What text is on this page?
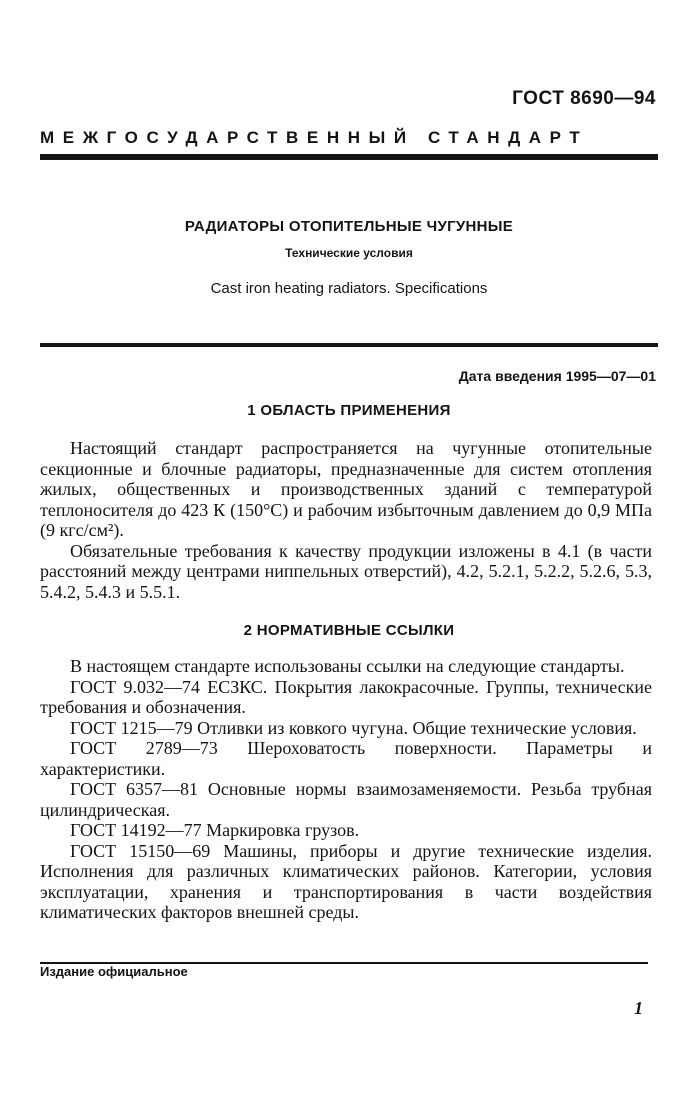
ГОСТ 8690—94
МЕЖГОСУДАРСТВЕННЫЙ СТАНДАРТ
РАДИАТОРЫ ОТОПИТЕЛЬНЫЕ ЧУГУННЫЕ
Технические условия
Cast iron heating radiators. Specifications
Дата введения 1995—07—01
1 ОБЛАСТЬ ПРИМЕНЕНИЯ

Настоящий стандарт распространяется на чугунные отопительные секционные и блочные радиаторы, предназначенные для систем отопления жилых, общественных и производственных зданий с температурой теплоносителя до 423 К (150°С) и рабочим избыточным давлением до 0,9 МПа (9 кгс/см²).

Обязательные требования к качеству продукции изложены в 4.1 (в части расстояний между центрами ниппельных отверстий), 4.2, 5.2.1, 5.2.2, 5.2.6, 5.3, 5.4.2, 5.4.3 и 5.5.1.

2 НОРМАТИВНЫЕ ССЫЛКИ

В настоящем стандарте использованы ссылки на следующие стандарты.

ГОСТ 9.032—74 ЕСЗКС. Покрытия лакокрасочные. Группы, технические требования и обозначения.

ГОСТ 1215—79 Отливки из ковкого чугуна. Общие технические условия.

ГОСТ 2789—73 Шероховатость поверхности. Параметры и характеристики.

ГОСТ 6357—81 Основные нормы взаимозаменяемости. Резьба трубная цилиндрическая.

ГОСТ 14192—77 Маркировка грузов.

ГОСТ 15150—69 Машины, приборы и другие технические изделия. Исполнения для различных климатических районов. Категории, условия эксплуатации, хранения и транспортирования в части воздействия климатических факторов внешней среды.

Издание официальное
1
